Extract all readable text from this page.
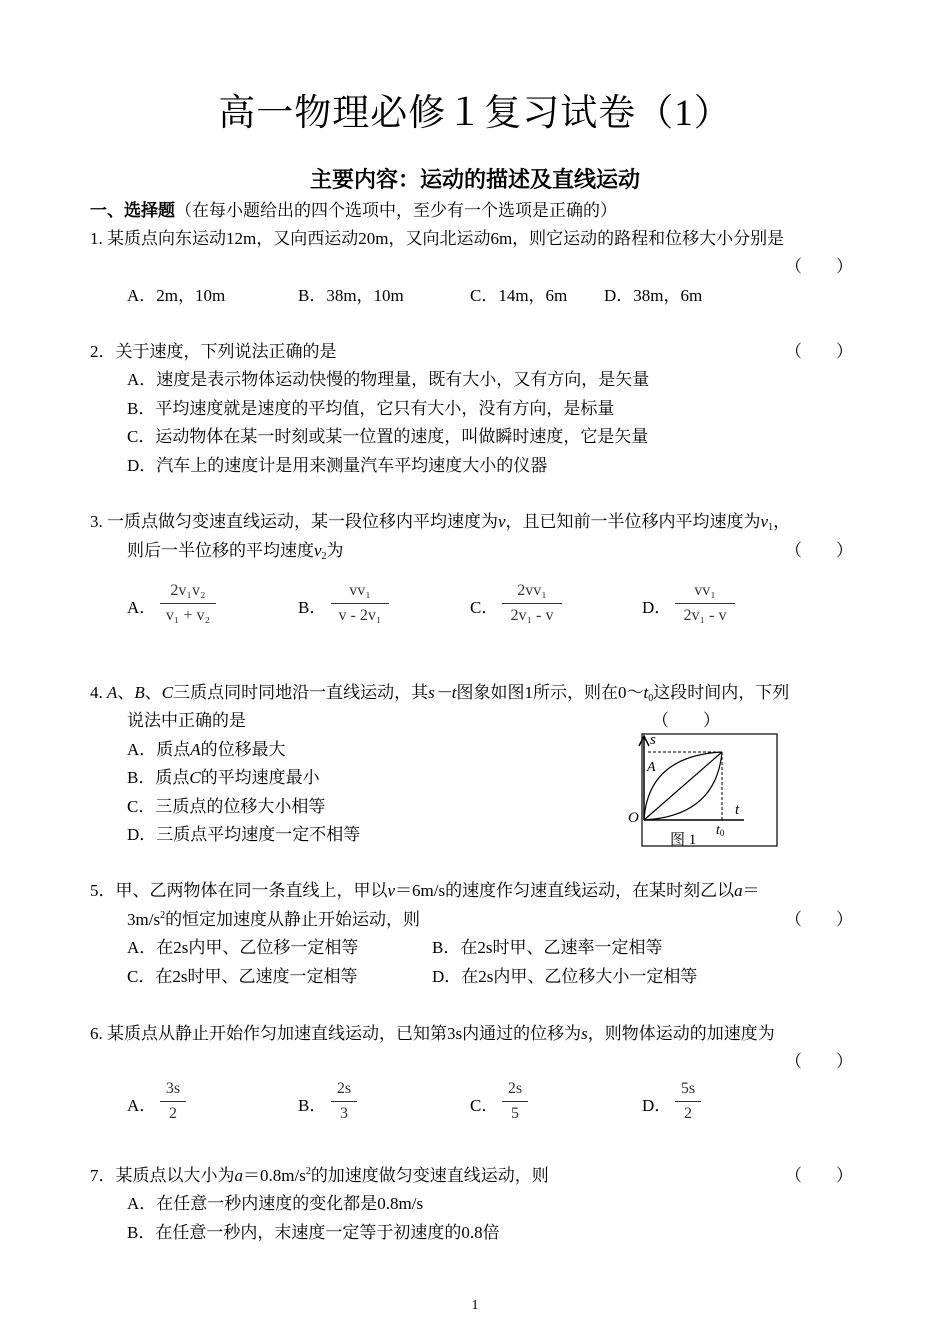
高一物理必修１复习试卷（1）
主要内容：运动的描述及直线运动
一、选择题（在每小题给出的四个选项中，至少有一个选项是正确的）
1. 某质点向东运动12m，又向西运动20m，又向北运动6m，则它运动的路程和位移大小分别是
（　　）
A．2m，10m	B．38m，10m	C．14m，6m D．38m，6m
2．关于速度，下列说法正确的是	（　　）
A．速度是表示物体运动快慢的物理量，既有大小，又有方向，是矢量
B．平均速度就是速度的平均值，它只有大小，没有方向，是标量
C．运动物体在某一时刻或某一位置的速度，叫做瞬时速度，它是矢量
D．汽车上的速度计是用来测量汽车平均速度大小的仪器
3. 一质点做匀变速直线运动，某一段位移内平均速度为v，且已知前一半位移内平均速度为$v_1$，
则后一半位移的平均速度$v_2$为	（　　）
A．
2v₁v₂
v₁ + v₂	B．
vv₁
v - 2v₁	C．
2vv₁
2v₁ - v	D．
vv₁
2v₁ - v
4. A、B、C三质点同时同地沿一直线运动，其s－t图象如图1所示，则在$0\sim t_0$这段时间内，下列
说法中正确的是	（　　）
A．质点A的位移最大
B．质点C的平均速度最小
C．三质点的位移大小相等
D．三质点平均速度一定不相等
s
A
O	t
t0
图 1
5．甲、乙两物体在同一条直线上，甲以v＝6m/s的速度作匀速直线运动，在某时刻乙以a＝
$3m/s^2$的恒定加速度从静止开始运动，则	（　　）
A．在2s内甲、乙位移一定相等	B．在2s时甲、乙速率一定相等
C．在2s时甲、乙速度一定相等	D．在2s内甲、乙位移大小一定相等
6. 某质点从静止开始作匀加速直线运动，已知第3s内通过的位移为s，则物体运动的加速度为
（　　）
A．
3s
2	B．
2s
3	C．
2s
5	D．
5s
2
7．某质点以大小为$a=0.8m/s^2$的加速度做匀变速直线运动，则	（　　）
A．在任意一秒内速度的变化都是0.8m/s
B．在任意一秒内，末速度一定等于初速度的0.8倍
1
